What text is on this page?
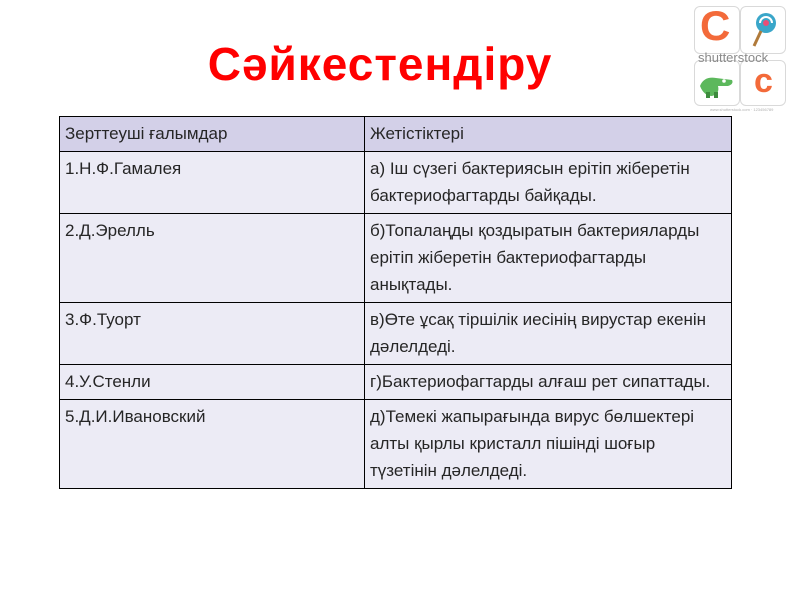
Сәйкестендіру
C
shutterstock
c
www.shutterstock.com · 123456789
Зерттеуші ғалымдар	Жетістіктері
1.Н.Ф.Гамалея	а) Іш сүзегі бактериясын ерітіп жіберетін бактериофагтарды байқады.
2.Д.Эрелль	б)Топалаңды қоздыратын бактерияларды ерітіп жіберетін бактериофагтарды анықтады.
3.Ф.Туорт	в)Өте ұсақ тіршілік иесінің вирустар екенін дәлелдеді.
4.У.Стенли	г)Бактериофагтарды алғаш рет сипаттады.
5.Д.И.Ивановский	д)Темекі жапырағында вирус бөлшектері алты қырлы кристалл пішінді шоғыр түзетінін дәлелдеді.
